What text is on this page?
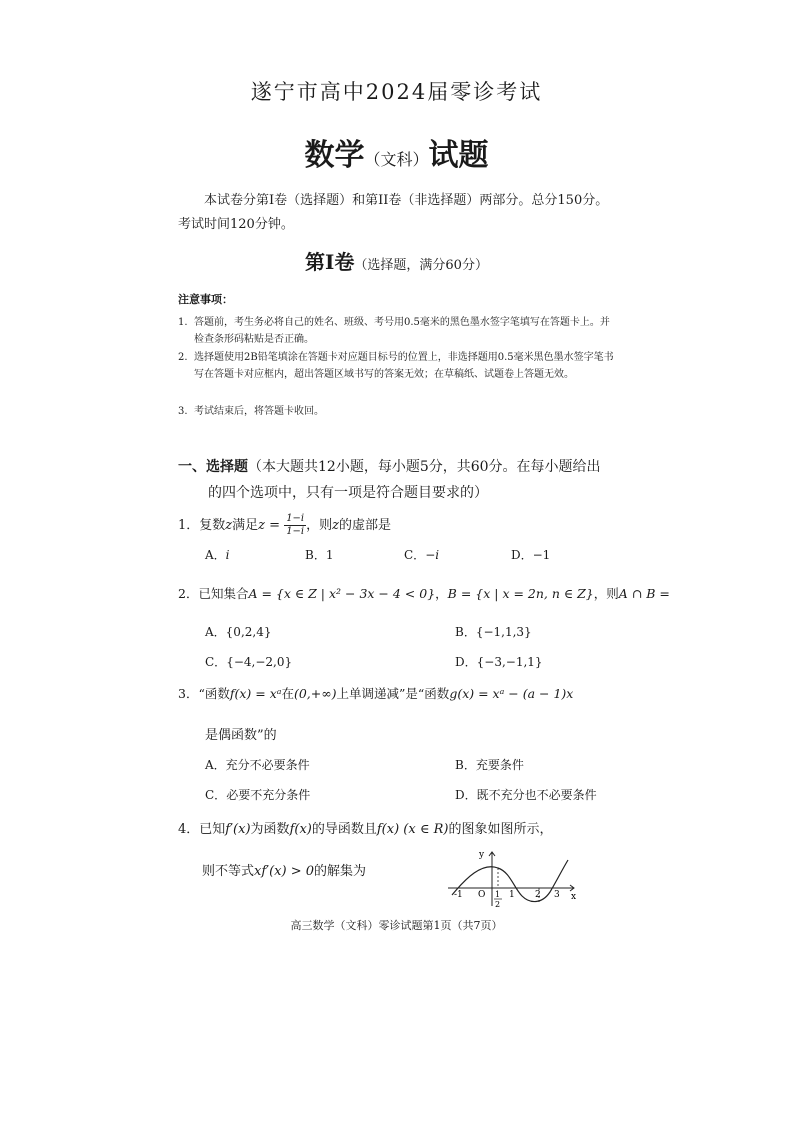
遂宁市高中2024届零诊考试
数学（文科）试题
本试卷分第Ⅰ卷（选择题）和第II卷（非选择题）两部分。总分150分。考试时间120分钟。
第Ⅰ卷（选择题，满分60分）
注意事项：
1. 答题前，考生务必将自己的姓名、班级、考号用0.5毫米的黑色墨水签字笔填写在答题卡上。并检查条形码粘贴是否正确。
2. 选择题使用2B铅笔填涂在答题卡对应题目标号的位置上，非选择题用0.5毫米黑色墨水签字笔书写在答题卡对应框内，超出答题区域书写的答案无效；在草稿纸、试题卷上答题无效。
3. 考试结束后，将答题卡收回。
一、选择题（本大题共12小题，每小题5分，共60分。在每小题给出
的四个选项中，只有一项是符合题目要求的）
1．复数z满足$z = \frac{1-i}{1-i}$ ，则z的虚部是
A．i	B．1	C．−i	D．−1
2．已知集合A = {x ∈ Z | x² − 3x − 4 < 0}，B = {x | x = 2n, n ∈ Z}，则A ∩ B =
A．{0,2,4}	B．{−1,1,3}
C．{−4,−2,0}	D．{−3,−1,1}
3．“函数f(x) = xᵃ在(0,+∞)上单调递减”是“函数g(x) = xᵃ − (a − 1)x
是偶函数”的
A．充分不必要条件	B．充要条件
C．必要不充分条件	D．既不充分也不必要条件
4．已知f′(x)为函数f(x)的导函数且f(x) (x ∈ R)的图象如图所示，
则不等式xf′(x) > 0的解集为
y
x
O
-1	1
2
1 2 3
高三数学（文科）零诊试题第1页（共7页）
